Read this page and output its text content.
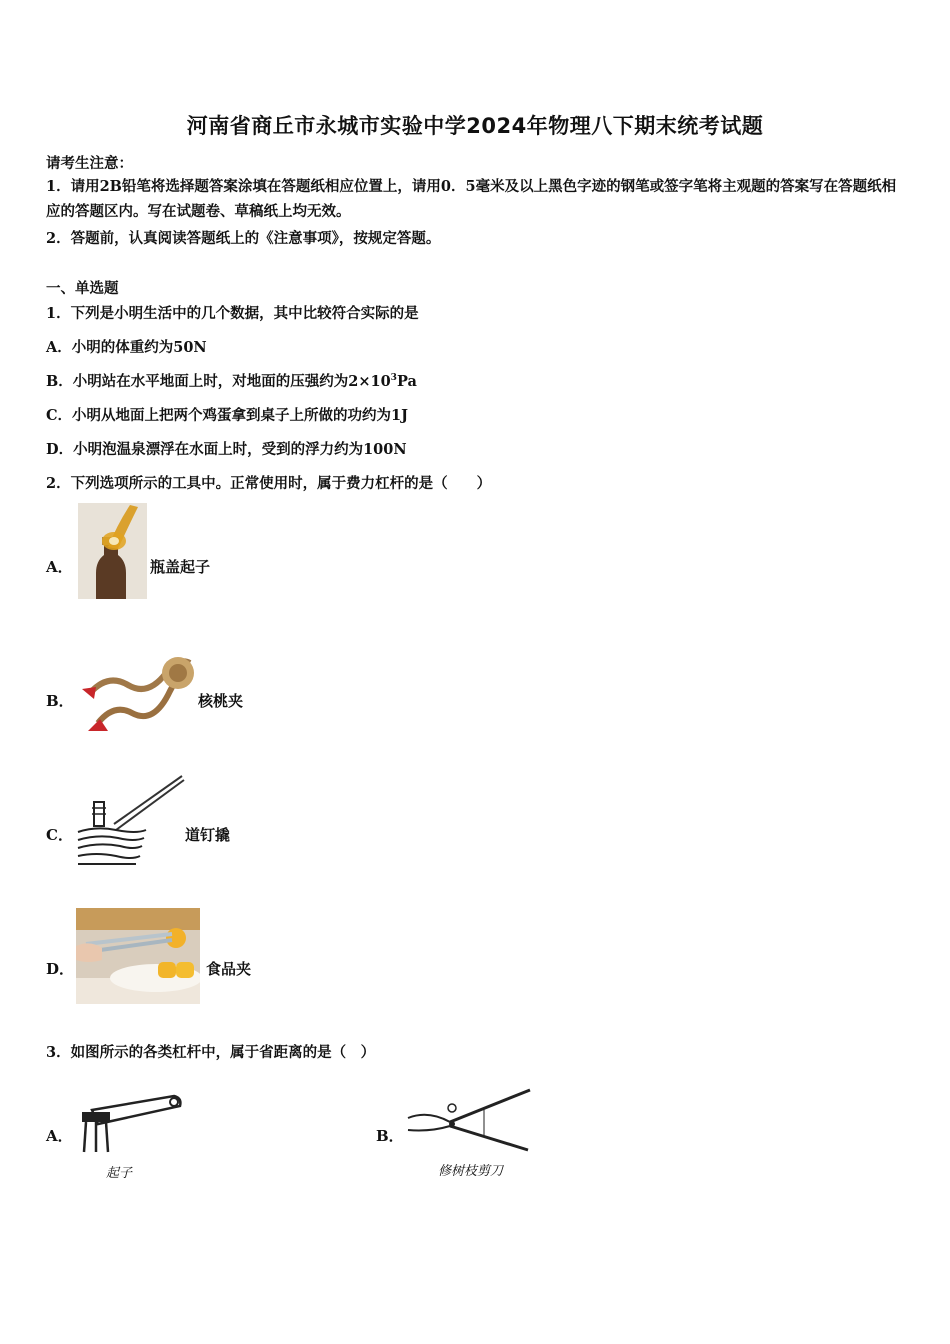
河南省商丘市永城市实验中学2024年物理八下期末统考试题
请考生注意：
1．请用2B铅笔将选择题答案涂填在答题纸相应位置上，请用0．5毫米及以上黑色字迹的钢笔或签字笔将主观题的答案写在答题纸相应的答题区内。写在试题卷、草稿纸上均无效。
2．答题前，认真阅读答题纸上的《注意事项》，按规定答题。
一、单选题
1．下列是小明生活中的几个数据，其中比较符合实际的是
A．小明的体重约为50N
B．小明站在水平地面上时，对地面的压强约为$2\times 10^3Pa$
C．小明从地面上把两个鸡蛋拿到桌子上所做的功约为1J
D．小明泡温泉漂浮在水面上时，受到的浮力约为100N
2．下列选项所示的工具中。正常使用时，属于费力杠杆的是（　　）
A．	瓶盖起子
B．	核桃夹
C．	道钉撬
D．	食品夹
3．如图所示的各类杠杆中，属于省距离的是（　）
A．
起子
B．
修树枝剪刀
